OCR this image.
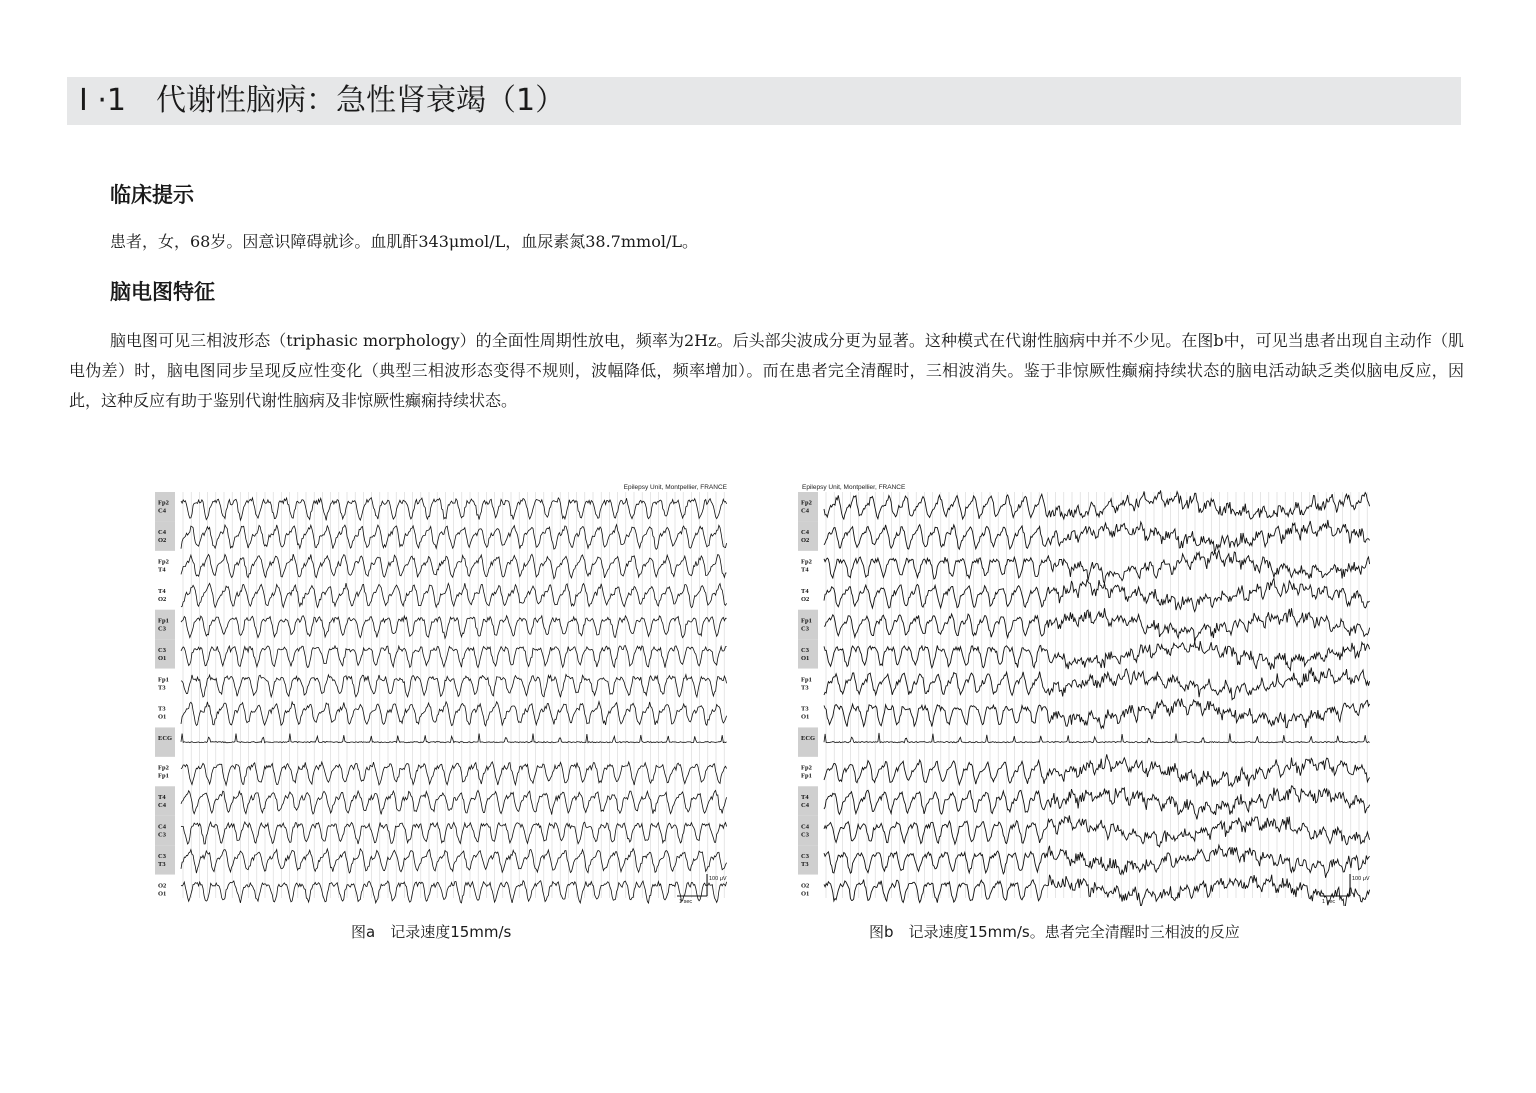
I ·1　代谢性脑病：急性肾衰竭（1）
临床提示
患者，女，68岁。因意识障碍就诊。血肌酐343μmol/L，血尿素氮38.7mmol/L。
脑电图特征

脑电图可见三相波形态（triphasic morphology）的全面性周期性放电，频率为2Hz。后头部尖波成分更为显著。这种模式在代谢性脑病中并不少见。在图b中，可见当患者出现自主动作（肌电伪差）时，脑电图同步呈现反应性变化（典型三相波形态变得不规则，波幅降低，频率增加）。而在患者完全清醒时，三相波消失。鉴于非惊厥性癫痫持续状态的脑电活动缺乏类似脑电反应，因此，这种反应有助于鉴别代谢性脑病及非惊厥性癫痫持续状态。

Epilepsy Unit, Montpellier, FRANCE
Fp2
C4
C4
O2
Fp2
T4
T4
O2
Fp1
C3
C3
O1
Fp1
T3
T3
O1
ECG
Fp2
Fp1
T4
C4
C4
C3
C3
T3
O2
O1
100 μV
1 sec
图a　记录速度15mm/s
Epilepsy Unit, Montpellier, FRANCE
Fp2
C4
C4
O2
Fp2
T4
T4
O2
Fp1
C3
C3
O1
Fp1
T3
T3
O1
ECG
Fp2
Fp1
T4
C4
C4
C3
C3
T3
O2
O1
100 μV
1 sec
图b　记录速度15mm/s。患者完全清醒时三相波的反应
